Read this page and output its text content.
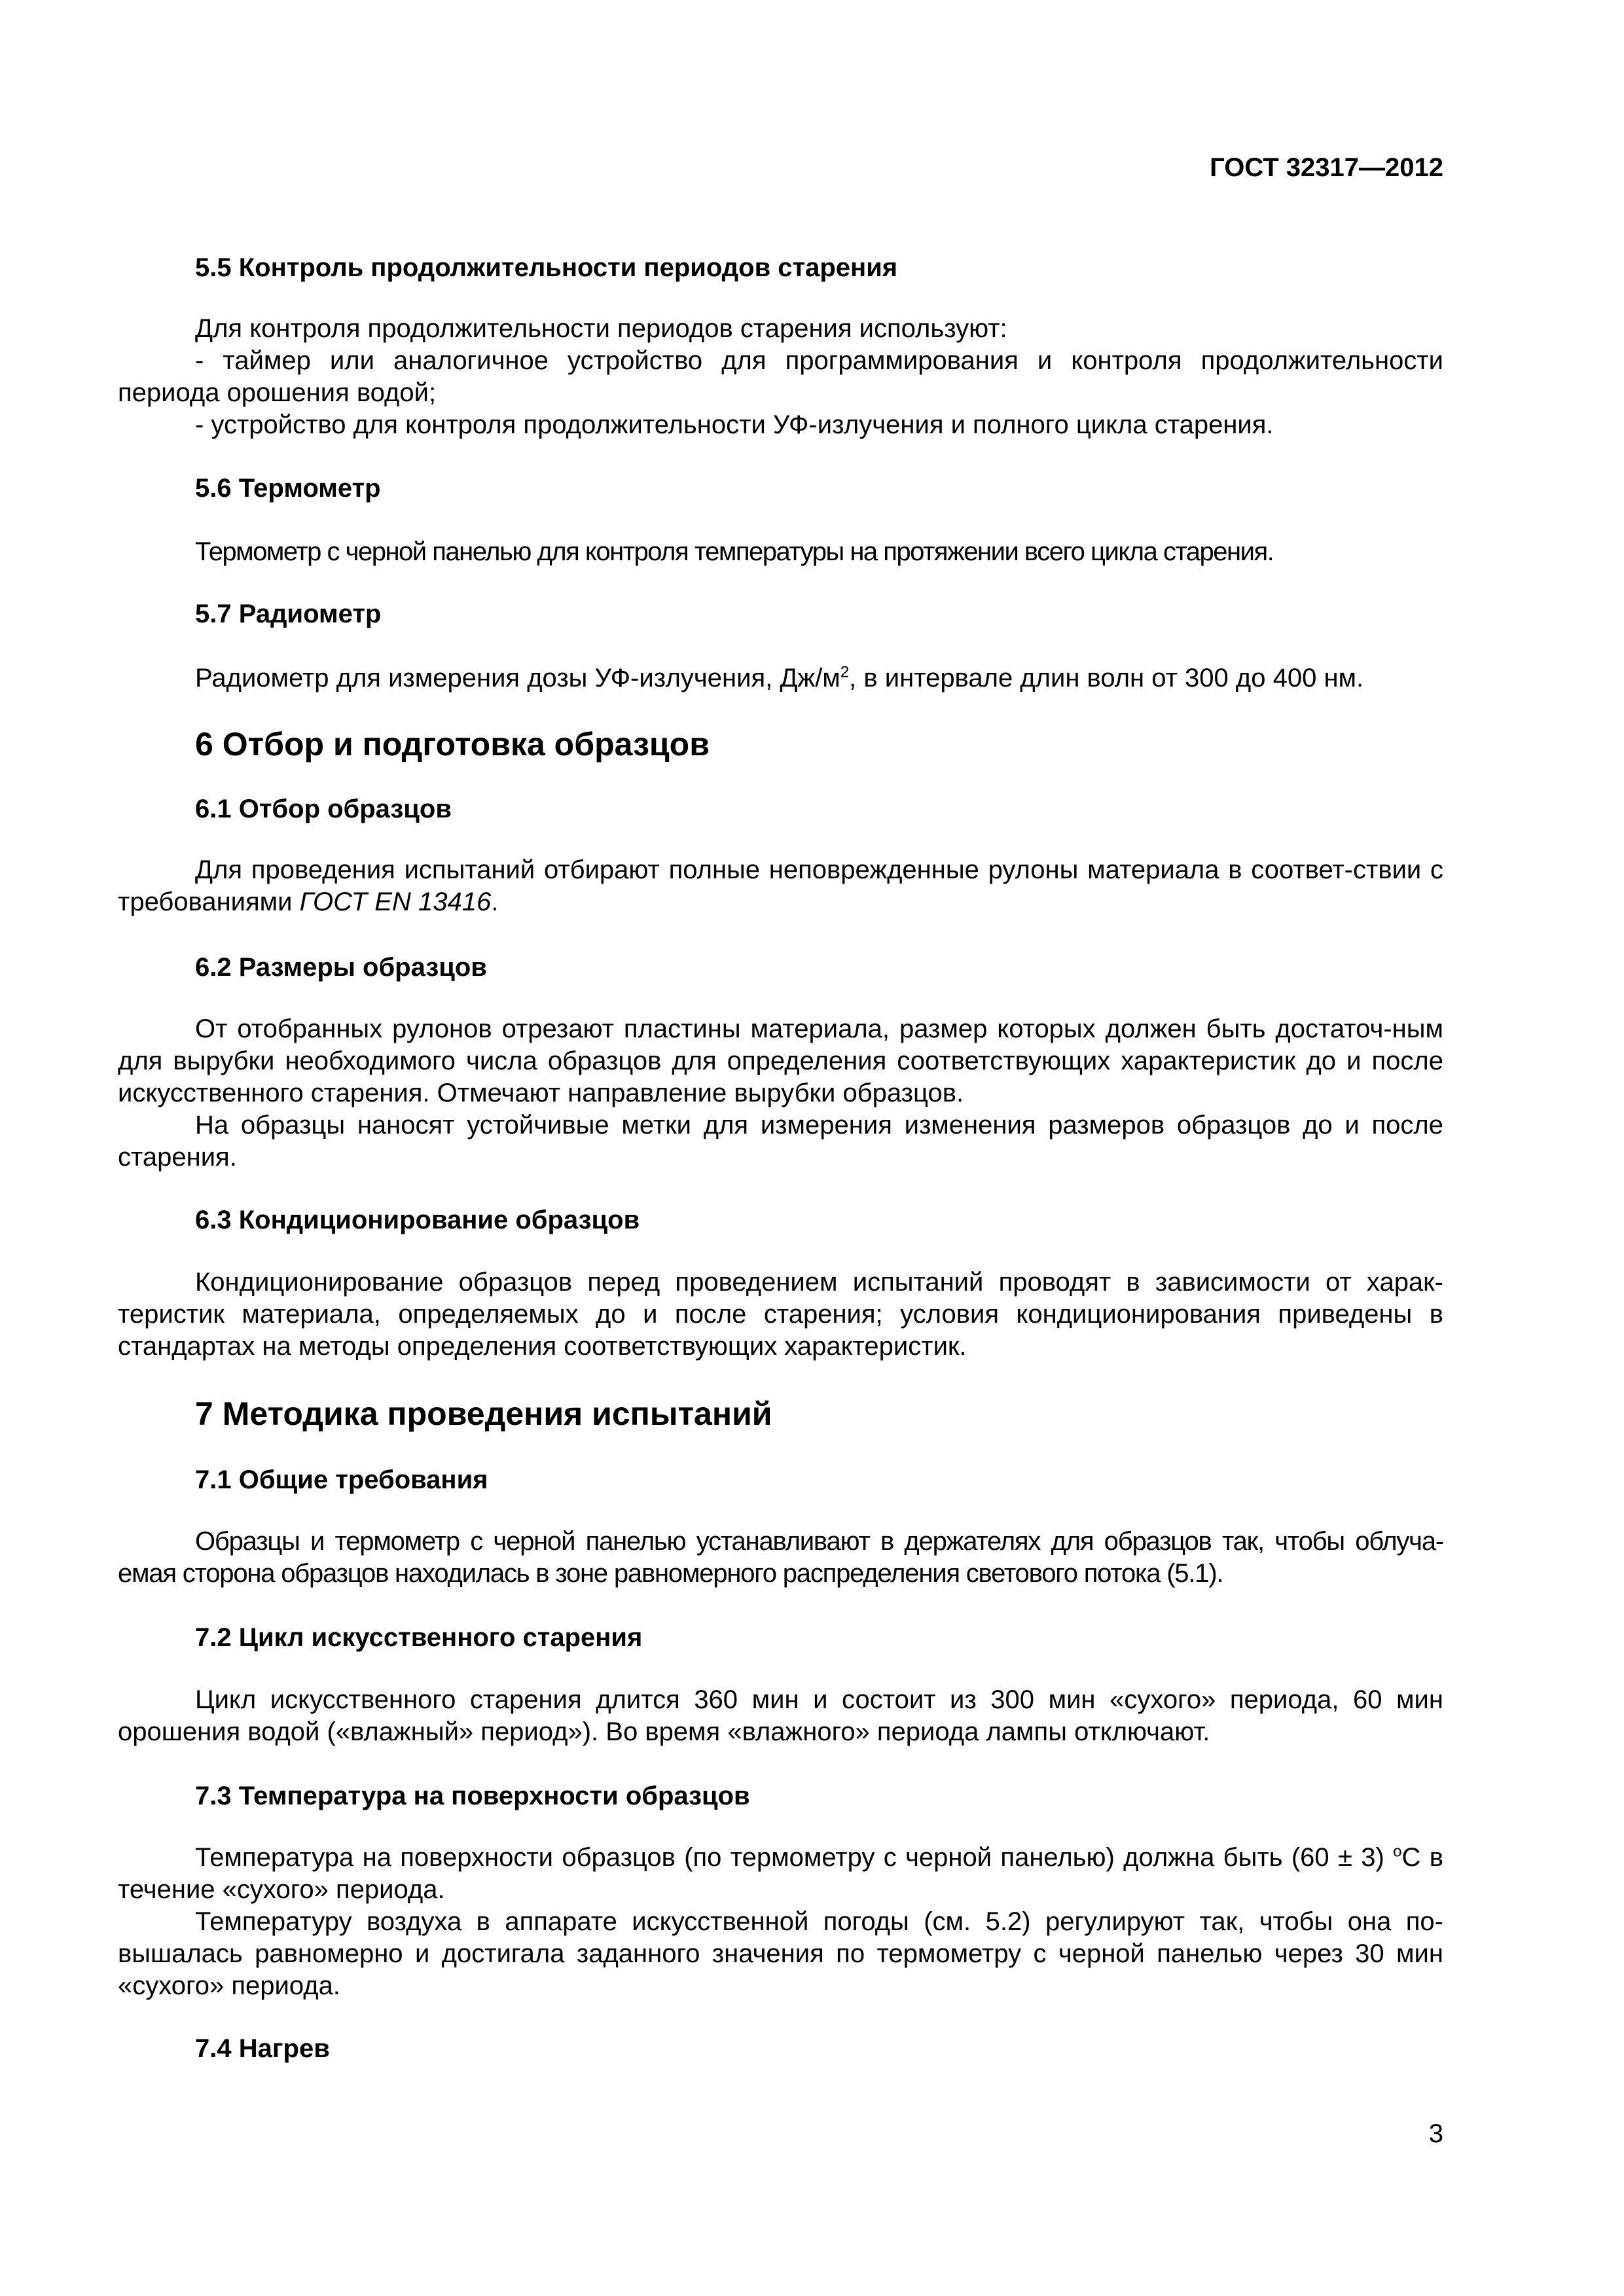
ГОСТ 32317—2012
5.5 Контроль продолжительности периодов старения

Для контроля продолжительности периодов старения используют:

- таймер или аналогичное устройство для программирования и контроля продолжительности периода орошения водой;

- устройство для контроля продолжительности УФ-излучения и полного цикла старения.

5.6 Термометр
Термометр с черной панелью для контроля температуры на протяжении всего цикла старения.
5.7 Радиометр
Радиометр для измерения дозы УФ-излучения, $Дж/м^2$, в интервале длин волн от 300 до 400 нм.
6 Отбор и подготовка образцов
6.1 Отбор образцов

Для проведения испытаний отбирают полные неповрежденные рулоны материала в соответ-ствии с требованиями ГОСТ EN 13416.

6.2 Размеры образцов

От отобранных рулонов отрезают пластины материала, размер которых должен быть достаточ-ным для вырубки необходимого числа образцов для определения соответствующих характеристик до и после искусственного старения. Отмечают направление вырубки образцов.

На образцы наносят устойчивые метки для измерения изменения размеров образцов до и после старения.

6.3 Кондиционирование образцов

Кондиционирование образцов перед проведением испытаний проводят в зависимости от харак-теристик материала, определяемых до и после старения; условия кондиционирования приведены в стандартах на методы определения соответствующих характеристик.

7 Методика проведения испытаний
7.1 Общие требования

Образцы и термометр с черной панелью устанавливают в держателях для образцов так, чтобы облуча-емая сторона образцов находилась в зоне равномерного распределения светового потока (5.1).

7.2 Цикл искусственного старения

Цикл искусственного старения длится 360 мин и состоит из 300 мин «сухого» периода, 60 мин орошения водой («влажный» период»). Во время «влажного» периода лампы отключают.

7.3 Температура на поверхности образцов

Температура на поверхности образцов (по термометру с черной панелью) должна быть (60 ± 3) $^о$С в течение «сухого» периода.

Температуру воздуха в аппарате искусственной погоды (см. 5.2) регулируют так, чтобы она по-вышалась равномерно и достигала заданного значения по термометру с черной панелью через 30 мин «сухого» периода.

7.4 Нагрев
3
